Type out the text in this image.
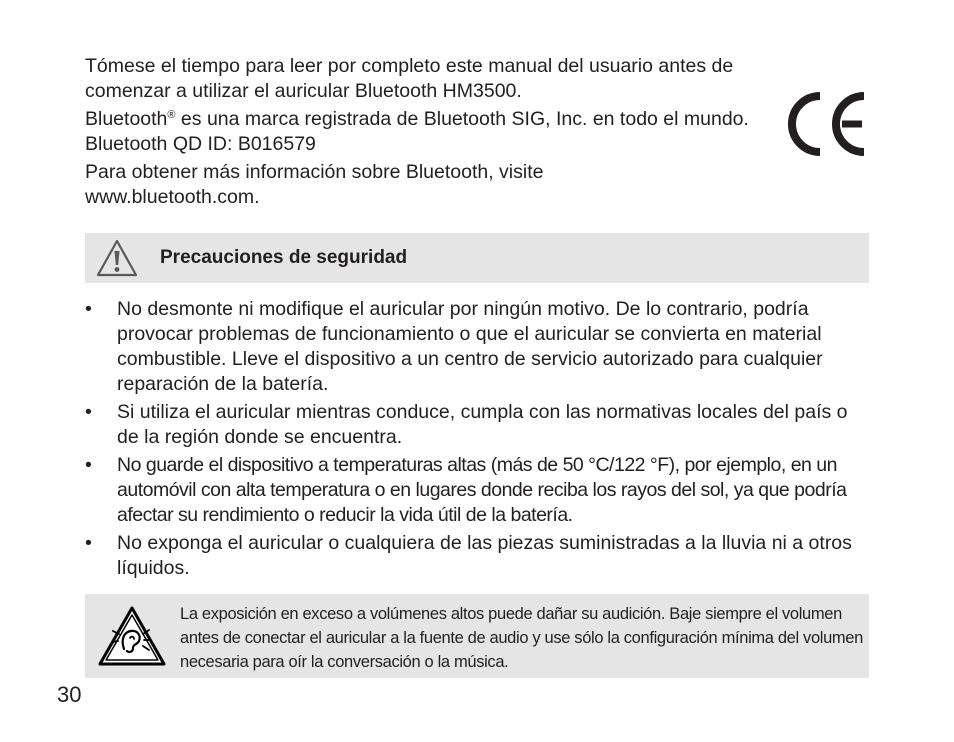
Tómese el tiempo para leer por completo este manual del usuario antes de comenzar a utilizar el auricular Bluetooth HM3500.

Bluetooth® es una marca registrada de Bluetooth SIG, Inc. en todo el mundo. Bluetooth QD ID: B016579

Para obtener más información sobre Bluetooth, visite
www.bluetooth.com.

Precauciones de seguridad
• No desmonte ni modifique el auricular por ningún motivo. De lo contrario, podría provocar problemas de funcionamiento o que el auricular se convierta en material combustible. Lleve el dispositivo a un centro de servicio autorizado para cualquier reparación de la batería.
• Si utiliza el auricular mientras conduce, cumpla con las normativas locales del país o de la región donde se encuentra.
• No guarde el dispositivo a temperaturas altas (más de 50 °C/122 °F), por ejemplo, en un automóvil con alta temperatura o en lugares donde reciba los rayos del sol, ya que podría afectar su rendimiento o reducir la vida útil de la batería.
• No exponga el auricular o cualquiera de las piezas suministradas a la lluvia ni a otros líquidos.
La exposición en exceso a volúmenes altos puede dañar su audición. Baje siempre el volumen antes de conectar el auricular a la fuente de audio y use sólo la configuración mínima del volumen necesaria para oír la conversación o la música.
30
